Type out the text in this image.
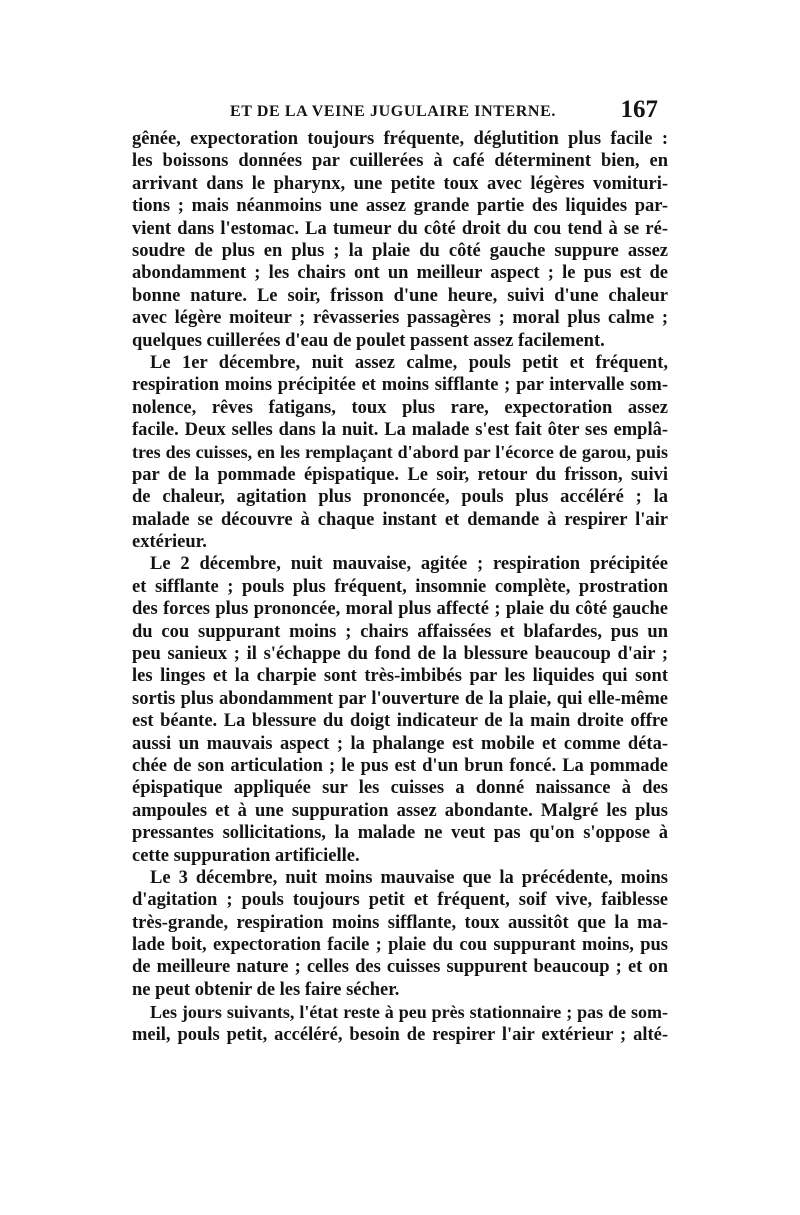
ET DE LA VEINE JUGULAIRE INTERNE.	167
gênée, expectoration toujours fréquente, déglutition plus facile :
les boissons données par cuillerées à café déterminent bien, en
arrivant dans le pharynx, une petite toux avec légères vomituri-
tions ; mais néanmoins une assez grande partie des liquides par-
vient dans l'estomac. La tumeur du côté droit du cou tend à se ré-
soudre de plus en plus ; la plaie du côté gauche suppure assez
abondamment ; les chairs ont un meilleur aspect ; le pus est de
bonne nature. Le soir, frisson d'une heure, suivi d'une chaleur
avec légère moiteur ; rêvasseries passagères ; moral plus calme ;
quelques cuillerées d'eau de poulet passent assez facilement.
Le 1er décembre, nuit assez calme, pouls petit et fréquent,
respiration moins précipitée et moins sifflante ; par intervalle som-
nolence, rêves fatigans, toux plus rare, expectoration assez
facile. Deux selles dans la nuit. La malade s'est fait ôter ses emplâ-
tres des cuisses, en les remplaçant d'abord par l'écorce de garou, puis
par de la pommade épispatique. Le soir, retour du frisson, suivi
de chaleur, agitation plus prononcée, pouls plus accéléré ; la
malade se découvre à chaque instant et demande à respirer l'air
extérieur.
Le 2 décembre, nuit mauvaise, agitée ; respiration précipitée
et sifflante ; pouls plus fréquent, insomnie complète, prostration
des forces plus prononcée, moral plus affecté ; plaie du côté gauche
du cou suppurant moins ; chairs affaissées et blafardes, pus un
peu sanieux ; il s'échappe du fond de la blessure beaucoup d'air ;
les linges et la charpie sont très-imbibés par les liquides qui sont
sortis plus abondamment par l'ouverture de la plaie, qui elle-même
est béante. La blessure du doigt indicateur de la main droite offre
aussi un mauvais aspect ; la phalange est mobile et comme déta-
chée de son articulation ; le pus est d'un brun foncé. La pommade
épispatique appliquée sur les cuisses a donné naissance à des
ampoules et à une suppuration assez abondante. Malgré les plus
pressantes sollicitations, la malade ne veut pas qu'on s'oppose à
cette suppuration artificielle.
Le 3 décembre, nuit moins mauvaise que la précédente, moins
d'agitation ; pouls toujours petit et fréquent, soif vive, faiblesse
très-grande, respiration moins sifflante, toux aussitôt que la ma-
lade boit, expectoration facile ; plaie du cou suppurant moins, pus
de meilleure nature ; celles des cuisses suppurent beaucoup ; et on
ne peut obtenir de les faire sécher.
Les jours suivants, l'état reste à peu près stationnaire ; pas de som-
meil, pouls petit, accéléré, besoin de respirer l'air extérieur ; alté-
